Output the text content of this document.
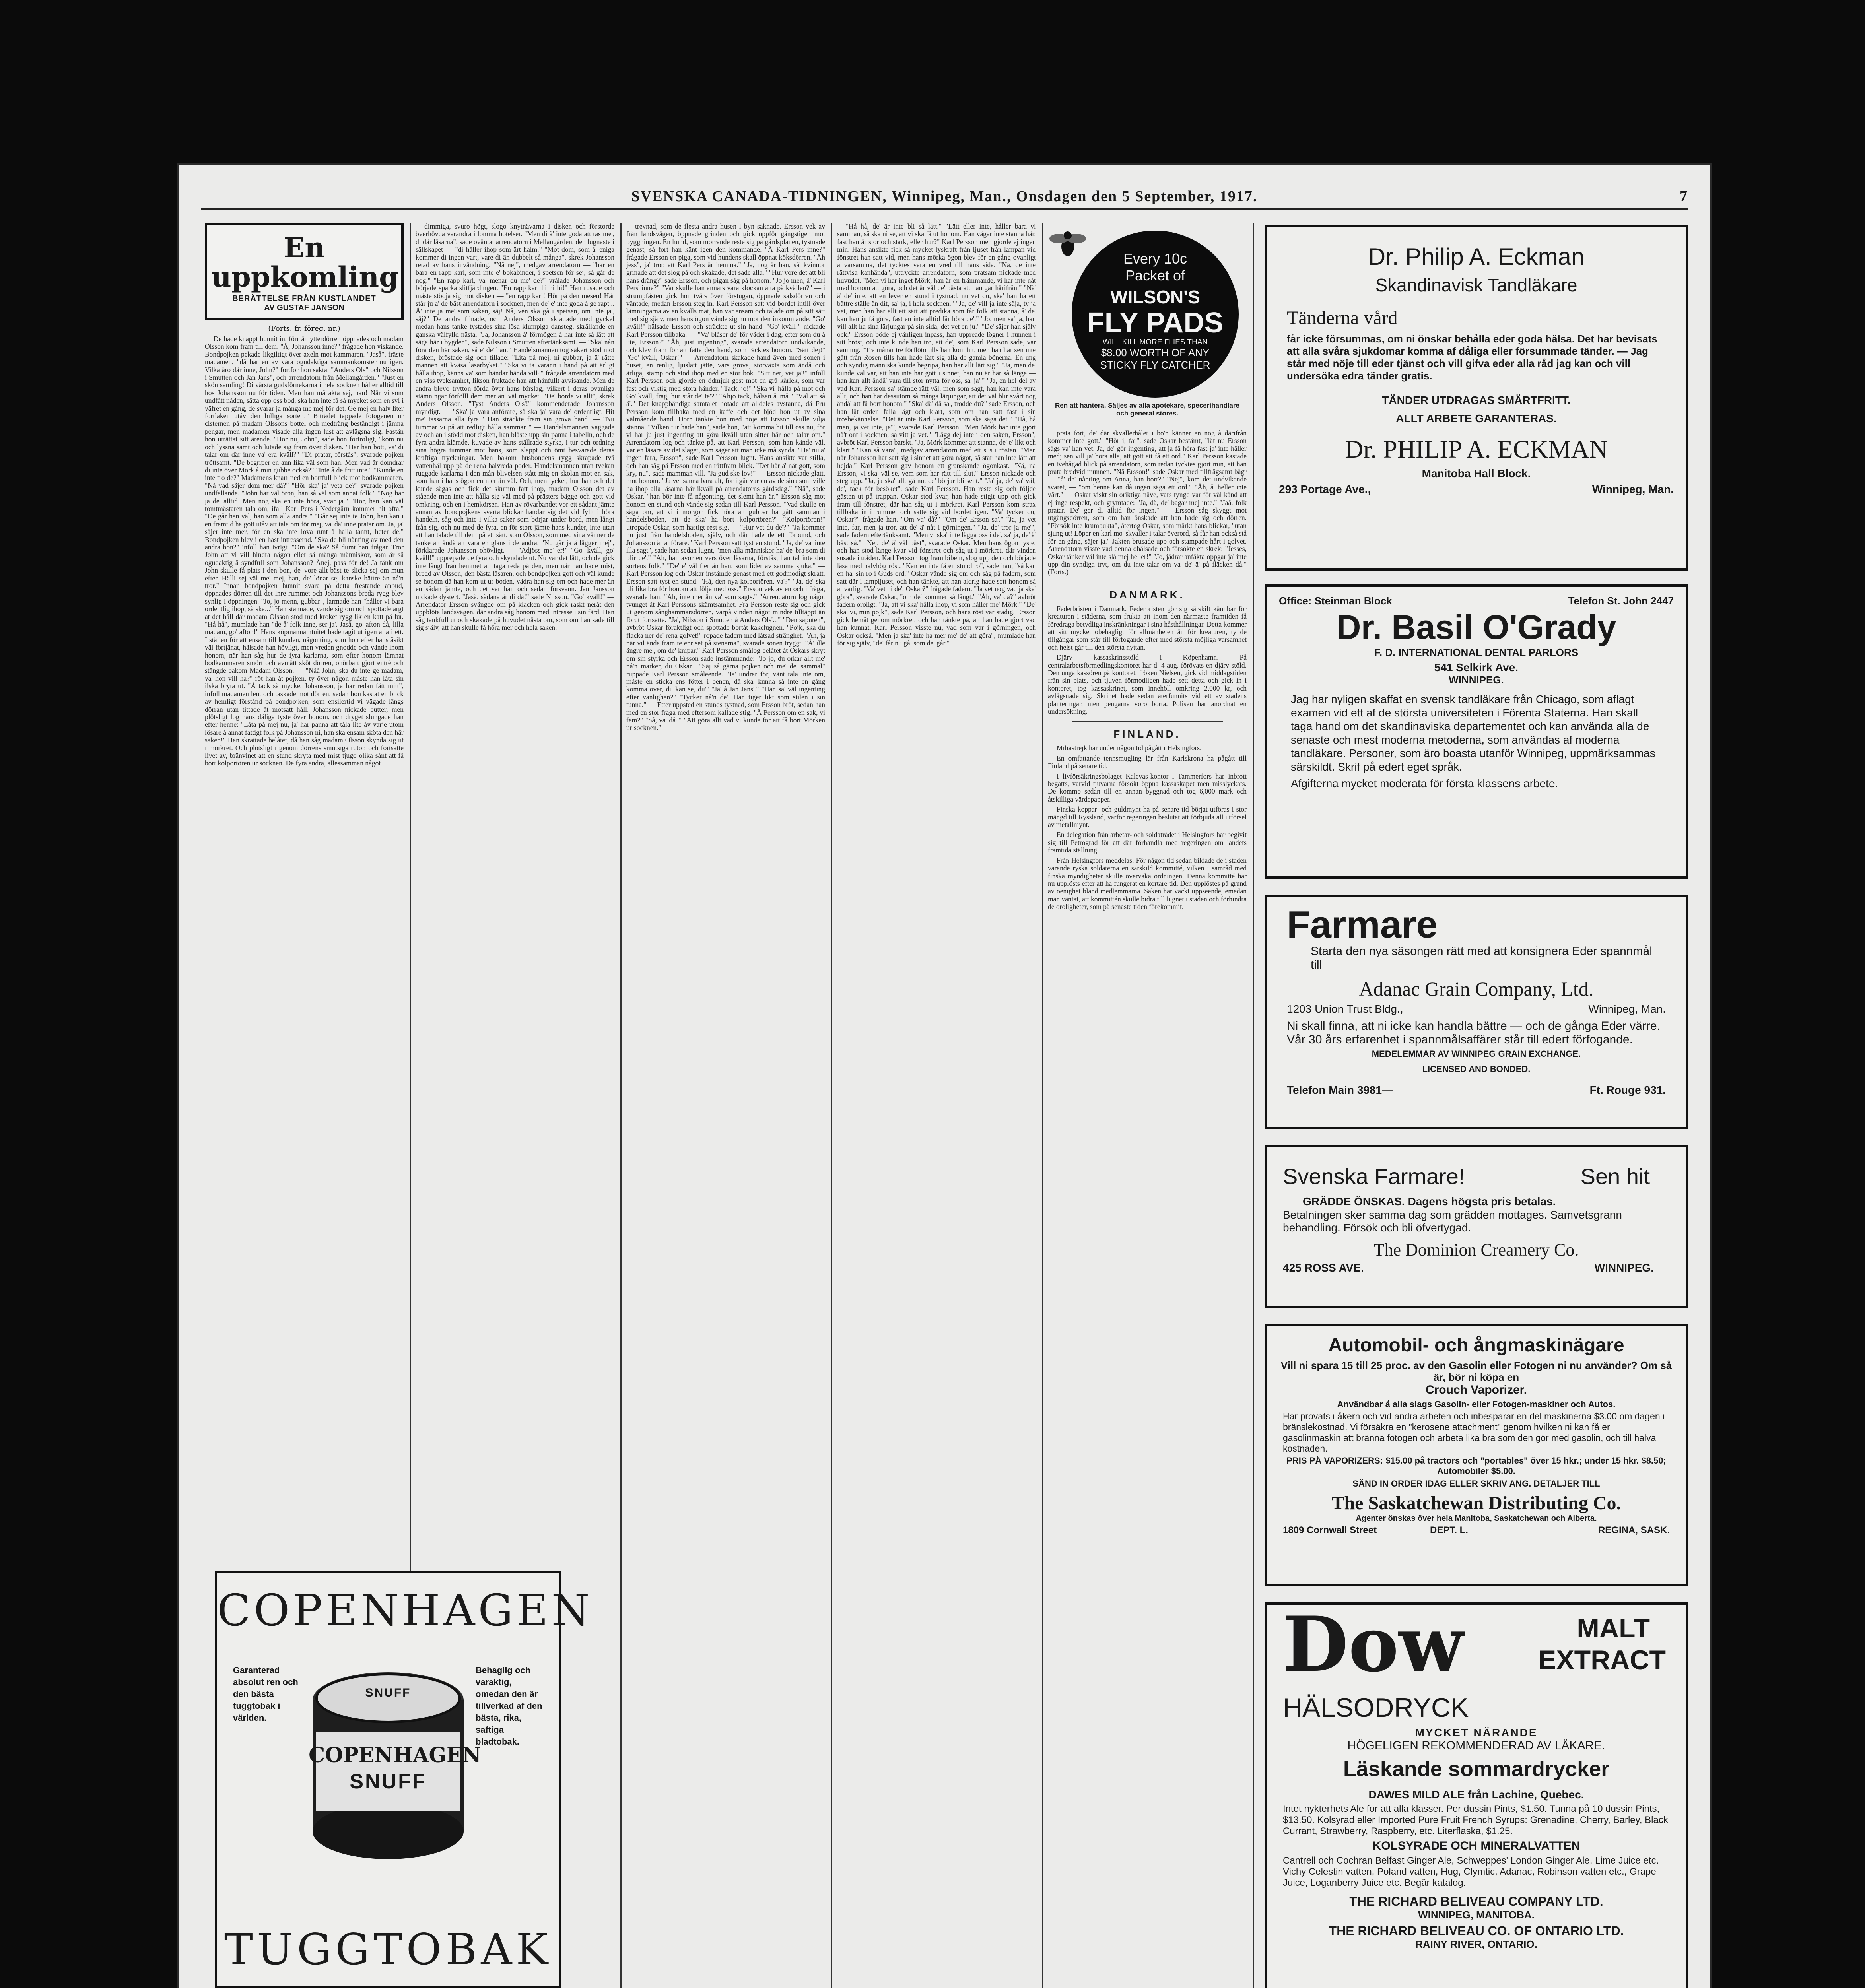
SVENSKA CANADA-TIDNINGEN, Winnipeg, Man., Onsdagen den 5 September, 1917.	7
En uppkomling
BERÄTTELSE FRÅN KUSTLANDET
AV GUSTAF JANSON
(Forts. fr. föreg. nr.)

De hade knappt hunnit in, förr än ytterdörren öppnades och madam Olsson kom fram till dem. "Å, Johansson inne?" frågade hon viskande. Bondpojken pekade likgiltigt över axeln mot kammaren. "Jaså", fräste madamen, "då har en av våra ogudaktiga sammankomster nu igen. Vilka äro där inne, John?" fortfor hon sakta. "Anders Ols" och Nilsson i Smutten och Jan Jans", och arrendatorn från Mellangården." "Just en skön samling! Di värsta gudsförnekarna i hela socknen håller alltid till hos Johansson nu för tiden. Men han må akta sej, han! När vi som undfått nåden, sätta opp oss bod, ska han inte få så mycket som en syl i väfret en gång, de svarar ja många me mej för det. Ge mej en halv liter fortlaken utåv den billiga sorten!" Biträdet tappade fotogenen ur cisternen på madam Olssons bottel och medträng beständigt i jämna pengar, men madamen visade alla ingen lust att avlägsna sig. Fastän hon uträttat sitt ärende. "Hör nu, John", sade hon förtroligt, "kom nu och lyssna samt och lutade sig fram över disken. "Har han bott, va' di talar om där inne va' era kväll?" "Di pratar, förstås", svarade pojken tröttsamt. "De begriper en ann lika väl som han. Men vad är domdrar di inte över Mörk å min gubbe också?" "Inte å de fritt inte." "Kunde en inte tro de?" Madamens knarr ned en bortfull blick mot bodkammaren. "Nå vad säjer dom mer då?" "Hör ska' ja' veta de?" svarade pojken undfallande. "John har väl öron, han så väl som annat folk." "Nog har ja de' alltid. Men nog ska en inte höra, svar ja." "Hör, han kan väl tomtmästaren tala om, ifall Karl Pers i Nedergårn kommer hit ofta." "De går han väl, han som alla andra." "Går sej inte te John, han kan i en framtid ha gott utåv att tala om för mej, va' dä' inne pratar om. Ja, ja' säjer inte mer, för en ska inte lova runt å halla tannt, heter de." Bondpojken blev i en hast intresserad. "Ska de bli nånting åv med den andra bon?" infoll han ivrigt. "Om de ska? Så dumt han frågar. Tror John att vi vill hindra någon eller så många människor, som är så ogudaktig å syndfull som Johansson? Ånej, pass för de! Ja tänk om John skulle få plats i den bon, de' vore allt bäst te slicka sej om mun efter. Hälli sej väl me' mej, han, de' lönar sej kanske bättre än nå'n tror." Innan bondpojken hunnit svara på detta frestande anbud, öppnades dörren till det inre rummet och Johanssons breda rygg blev synlig i öppningen. "Jo, jo menn, gubbar", larmade han "håller vi bara ordentlig ihop, så ska..." Han stannade, vände sig om och spottade argt åt det håll där madam Olsson stod med kroket rygg lik en katt på lur. "Hå hå", mumlade han "de å' folk inne, ser ja'. Jaså, go' afton då, lilla madam, go' afton!" Hans köpmannaintuitet hade tagit ut igen alla i ett. I ställen för att ensam till kunden, någonting, som hon efter hans åsikt väl förtjänat, hälsade han hövligt, men vreden gnodde och vände inom honom, när han såg hur de fyra karlarna, som efter honom lämnat bodkammaren smört och avmätt sköt dörren, ohörbart gjort entré och stängde bakom Madam Olsson. — "Nåå John, ska du inte ge madam, va' hon vill ha?" röt han åt pojken, ty över någon måste han låta sin ilska bryta ut. "Å tack så mycke, Johansson, ja har redan fått mitt", infoll madamen lent och taskade mot dörren, sedan hon kastat en blick av hemligt förstånd på bondpojken, som ensilertid vi vägade längs dörran utan tittade åt motsatt håll. Johansson nickade butter, men plötsligt log hans dåliga tyste över honom, och dryget slungade han efter henne: "Låta på mej nu, ja' har panna att tåla lite åv varje utom lösare å annat fattigt folk på Johansson ni, han ska ensam sköta den här saken!" Han skrattade belåtet, då han såg madam Olsson skynda sig ut i mörkret. Och plötsligt i genom dörrens smutsiga rutor, och fortsatte livet av, bränvinet att en stund skryta med mist tjugo olika sånt att få bort kolportören ur socknen. De fyra andra, allessamman något

dimmiga, svuro högt, slogo knytnävarna i disken och förstorde överhövda varandra i lomma hotelser. "Men di å' inte goda att tas me', di där läsarna", sade oväntat arrendatorn i Mellangården, den lugnaste i sällskapet — "di håller ihop som ärt halm." "Mot dom, som å' eniga kommer di ingen vart, vare di än dubbelt så många", skrek Johansson retad av hans invändning. "Nå nej", medgav arrendatorn — "har en bara en rapp karl, som inte e' bokabinder, i spetsen för sej, så går de nog." "En rapp karl, va' menar du me' de?" vrålade Johansson och började sparka slitfjärdingen. "En rapp karl hi hi hi!" Han rusade och mäste stödja sig mot disken — "en rapp karl! Hör på den mesen! Här står ju a' de bäst arrendatorn i socknen, men de' e' inte goda å ge rapt... Å' inte ja me' som saken, säj! Nå, ven ska gå i spetsen, om inte ja', säj?" De andra flinade, och Anders Olsson skrattade med gyckel medan hans tanke tystades sina lösa klumpiga dansteg, skrällande en ganska välfylld nästa. "Ja, Johansson å' förmögen å har inte så lätt att säga här i bygden", sade Nilsson i Smutten eftertänksamt. — "Ska' nån föra den här saken, så e' de' han." Handelsmannen tog säkert stöd mot disken, bröstade sig och tillade: "Lita på mej, ni gubbar, ja ä' rätte mannen att kväsa läsarbyket." "Ska vi ta varann i hand på att ärligt hålla ihop, känns va' som händar hända vill?" frågade arrendatorn med en viss tveksamhet, likson fruktade han att hänfullt avvisande. Men de andra blevo trytton förda över hans förslag, vilkert i deras ovanliga stämningar förfölll dem mer än' väl mycket. "De' borde vi allt", skrek Anders Olsson. "Tyst Anders Ols'!" kommenderade Johansson myndigt. — "Ska' ja vara anförare, så ska ja' vara de' ordentligt. Hit me' tassarna alla fyra!" Han sträckte fram sin grova hand. — "Nu tummar vi på att redligt hålla samman." — Handelsmannen vaggade av och an i stödd mot disken, han bläste upp sin panna i tabelln, och de fyra andra klämde, kuvade av hans ställrade styrke, i tur och ordning sina högra tummar mot hans, som slappt och ömt besvarade deras kraftiga tryckningar. Men bakom husbondens rygg skrapade två vattenhål upp på de rena halvreda poder. Handelsmannen utan tvekan ruggade karlarna i den mån blivelsen stått mig en skolan mot en sak, som han i hans ögon en mer än väl. Och, men tycket, hur han och det kunde sägas och fick det skumm fått ihop, madam Olsson det av stående men inte att hålla sig väl med på prästers bägge och gott vid omkring, och en i hemkörsen. Han av rövarbandet vor ett sådant jämte annan av bondpojkens svarta blickar handar sig det vid fyllt i höra handeln, såg och inte i vilka saker som börjar under bord, men långt från sig, och nu med de fyra, en för stort jämte hans kunder, inte utan att han talade till dem på ett sätt, som Olsson, som med sina vänner de tanke att ändå att vara en glans i de andra. "Nu går ja å lägger mej", förklarade Johansson ohövligt. — "Adjöss me' er!" "Go' kväll, go' kväll!" upprepade de fyra och skyndade ut. Nu var det lätt, och de gick inte långt från hemmet att taga reda på den, men när han hade mist, bredd av Olsson, den bästa läsaren, och bondpojken gott och väl kunde se honom då han kom ut ur boden, vädra han sig om och hade mer än en sådan jämte, och det var han och sedan försvann. Jan Jansson nickade dystert. "Jaså, sådana är di då!" sade Nilsson. "Go' kväll!" — Arrendator Ersson svängde om på klacken och gick raskt neråt den uppblöta landsvägen, där andra såg honom med intresse i sin färd. Han såg tankfull ut och skakade på huvudet nästa om, som om han sade till sig själv, att han skulle få höra mer och hela saken.

COPENHAGEN
Garanterad absolut ren och den bästa tuggtobak i världen.
Behaglig och varaktig, omedan den är tillverkad af den bästa, rika, saftiga bladtobak.
SNUFF
COPENHAGEN
SNUFF
TUGGTOBAK

trevnad, som de flesta andra husen i byn saknade. Ersson vek av från landsvägen, öppnade grinden och gick uppför gångstigen mot byggningen. En hund, som morrande reste sig på gårdsplanen, tystnade genast, så fort han känt igen den kommande. "Å Karl Pers inne?" frågade Ersson en piga, som vid hundens skall öppnat köksdörren. "Åh jess", ja' tror, att Karl Pers är hemma." "Ja, nog är han, så' kvinnor grinade att det slog på och skakade, det sade alla." "Hur vore det att bli hans dräng?" sade Ersson, och pigan såg på honom. "Jo jo men, å' Karl Pers' inne?" "Var skulle han annars vara klockan åtta på kvällen?" — i strumpfästen gick hon tvärs över förstugan, öppnade salsdörren och väntade, medan Ersson steg in. Karl Persson satt vid bordet intill över lämningarna av en kvälls mat, han var ensam och talade om på sitt sätt med sig själv, men hans ögon vände sig nu mot den inkommande. "Go' kväll!" hälsade Ersson och sträckte ut sin hand. "Go' kväll!" nickade Karl Persson tillbaka. — "Va' blåser de' för väder i dag, efter som du å ute, Ersson?" "Åh, just ingenting", svarade arrendatorn undvikande, och klev fram för att fatta den hand, som räcktes honom. "Sätt dej!" "Go' kväll, Oskar!" — Arrendatorn skakade hand även med sonen i huset, en renlig, ljuslätt jätte, vars grova, storväxta som ändå och ärliga, stamp och stod ihop med en stor bok. "Sitt ner, vet ja'!" infoll Karl Persson och gjorde en ödmjuk gest mot en grå kärlek, som var fast och viktig med stora händer. "Tack, jo!" "Ska vi' hålla på mot och Go' kväll, frag, hur står de' te'?" "Ahjo tack, hålsan å' må." "Väl att så å'." Det knappbändiga samtalet hotade att alldeles avstanna, då Fru Persson kom tillbaka med en kaffe och det bjöd hon ut av sina välmående hand. Dorn tänkte hon med nöje att Ersson skulle vilja stanna. "Vilken tur hade han", sade hon, "att komma hit till oss nu, för vi har ju just ingenting att göra ikväll utan sitter här och talar om." Arrendatorn log och tänkte på, att Karl Persson, som han kände väl, var en läsare av det slaget, som säger att man icke må synda. "Ha' nu a' ingen fara, Ersson", sade Karl Persson lugnt. Hans ansikte var stilla, och han såg på Ersson med en rättfram blick. "Det här å' nåt gott, som kry, nu", sade mamman vill. "Ja gud ske lov!" — Ersson nickade glatt, mot honom. "Ja vet sanna bara alt, för i går var en av de sina som ville ha ihop alla läsarna här ikväll på arrendatorns gårdsdag." "Nå", sade Oskar, "han bör inte få någonting, det slemt han är." Ersson såg mot honom en stund och vände sig sedan till Karl Persson. "Vad skulle en säga om, att vi i morgon fick höra att gubbar ha gått samman i handelsboden, att de ska' ha bort kolportören?" "Kolportören!" utropade Oskar, som hastigt rest sig. — "Hur vet du de'?" "Ja kommer nu just från handelsboden, själv, och där hade de ett förbund, och Johansson är anförare." Karl Persson satt tyst en stund. "Ja, de' va' inte illa sagt", sade han sedan lugnt, "men alla människor ha' de' bra som di blir de'." "Ah, han avor en vers över läsarna, förstås, han tål inte den sortens folk." "De' e' väl fler än han, som lider av samma sjuka." — Karl Persson log och Oskar instämde genast med ett godmodigt skratt. Ersson satt tyst en stund. "Hå, den nya kolportören, va'?" "Ja, de' ska bli lika bra för honom att följa med oss." Ersson vek av en och i fråga, svarade han: "Ah, inte mer än va' som sagts." "Arrendatorn log något tvunget åt Karl Perssons skämtsamhet. Fra Persson reste sig och gick ut genom sånghammarsdörren, varpå vinden något mindre tilltäppt än förut fortsatte. "Ja', Nilsson i Smutten å Anders Ols'..." "Den saputen", avbröt Oskar föraktligt och spottade bortåt kakelugnen. "Pojk, ska du flacka ner de' rena golvet!" ropade fadern med låtsad stränghet. "Ah, ja när vil ända fram te enriset på stenarna", svarade sonen tryggt. "Å' ille ängre me', om de' knipar." Karl Persson smålog belåtet åt Oskars skryt om sin styrka och Ersson sade instämmande: "Jo jo, du orkar allt me' nå'n marker, du Oskar." "Säj så gärna pojken och me' de' sammal" ruppade Karl Persson småleende. "Ja' undrar för, vänt tala inte om, måste en sticka ens fötter i benen, då ska' kunna så inte en gång komma över, du kan se, du'" "Ja' å Jan Jans'." "Han sa' väl ingenting efter vanlighen?" "Tycker nå'n de'. Han tiger likt som stilen i sin tunna." — Etter uppsted en stunds tystnad, som Ersson bröt, sedan han med en stor fråga med eftersom kallade stig. "Å Persson om en sak, vi fem?" "Så, va' då?" "Att göra allt vad vi kunde för att få bort Mörken ur socknen."

"Hå hå, de' är inte bli så lätt." "Lätt eller inte, håller bara vi samman, så ska ni se, att vi ska få ut honom. Han vågar inte stanna här, fast han är stor och stark, eller hur?" Karl Persson men gjorde ej ingen min. Hans ansikte fick så mycket lyskraft från ljuset från lampan vid fönstret han satt vid, men hans mörka ögon blev för en gång ovanligt allvarsamma, det tycktes vara en vred till hans sida. "Nå, de inte rättvisa kanhända", uttryckte arrendatorn, som pratsam nickade med huvudet. "Men vi har inget Mörk, han är en främmande, vi har inte nåt med honom att göra, och det är väl de' bästa att han går härifrån." "Nå' ä' de' inte, att en lever en stund i tystnad, nu vet du, ska' han ha ett bättre ställe än dit, sa' ja, i hela socknen." "Ja, de' vill ja inte säja, ty ja vet, men han har allt ett sätt att predika som får folk att stanna, å' de' kan han ju få göra, fast en inte alltid får höra de'." "Jo, men sa' ja, han vill allt ha sina lärjungar på sin sida, det vet en ju." "De' säjer han själv ock." Ersson böde ej vänligen inpass, han uppreade lögner i hunnen i sitt bröst, och inte kunde han tro, att de', som Karl Persson sade, var sanning. "Tre månar tre förflöto tills han kom hit, men han har sen inte gått från Rosen tills han hade lärt sig alla de gamla bönerna. En ung och syndig människa kunde begripa, han har allt lärt sig." "Ja, men de' kunde väl var, att han inte har gott i sinnet, han nu är här så länge — han kan allt ändå' vara till stor nytta för oss, sa' ja'." "Ja, en hel del av vad Karl Persson sa' stämde rätt väl, men som sagt, han kan inte vara allt, och han har dessutom så många lärjungar, att det väl blir svårt nog ändå' att få bort honom." "Ska' dä' dä sa', trodde du?" sade Ersson, och han lät orden falla lågt och klart, som om han satt fast i sin trosbekännelse. "Det är inte Karl Persson, som ska säga det." "Hå, hå men, ja vet inte, ja'", svarade Karl Persson. "Men Mörk har inte gjort nå't ont i socknen, så vitt ja vet." "Lägg dej inte i den saken, Ersson", avbröt Karl Persson barskt. "Ja, Mörk kommer att stanna, de' e' likt och klart." "Kan så vara", medgav arrendatorn med ett sus i rösten. "Men när Johansson har satt sig i sinnet att göra något, så står han inte lätt att hejda." Karl Persson gav honom ett granskande ögonkast. "Nå, nå Ersson, vi ska' väl se, vem som har rätt till slut." Ersson nickade och steg upp. "Ja, ja ska' allt gå nu, de' börjar bli sent." "Ja' ja, de' va' väl, de', tack för besöket", sade Karl Persson. Han reste sig och följde gästen ut på trappan. Oskar stod kvar, han hade stigit upp och gick fram till fönstret, där han såg ut i mörkret. Karl Persson kom strax tillbaka in i rummet och satte sig vid bordet igen. "Va' tycker du, Oskar?" frågade han. "Om va' då?" "Om de' Ersson sa'." "Ja, ja vet inte, far, men ja tror, att de' ä' nåt i görningen." "Ja, de' tror ja me'", sade fadern eftertänksamt. "Men vi ska' inte lägga oss i de', sa' ja, de' ä' bäst så." "Nej, de' ä' väl bäst", svarade Oskar. Men hans ögon lyste, och han stod länge kvar vid fönstret och såg ut i mörkret, där vinden susade i träden. Karl Persson tog fram bibeln, slog upp den och började läsa med halvhög röst. "Kan en inte få en stund ro", sade han, "så kan en ha' sin ro i Guds ord." Oskar vände sig om och såg på fadern, som satt där i lampljuset, och han tänkte, att han aldrig hade sett honom så allvarlig. "Va' vet ni de', Oskar?" frågade fadern. "Ja vet nog vad ja ska' göra", svarade Oskar, "om de' kommer så långt." "Åh, va' då?" avbröt fadern oroligt. "Ja, att vi ska' hålla ihop, vi som håller me' Mörk." "De' ska' vi, min pojk", sade Karl Persson, och hans röst var stadig. Ersson gick hemåt genom mörkret, och han tänkte på, att han hade gjort vad han kunnat. Karl Persson visste nu, vad som var i görningen, och Oskar också. "Men ja ska' inte ha mer me' de' att göra", mumlade han för sig själv, "de' får nu gå, som de' går."

Every 10c
Packet of
WILSON'S
FLY PADS
WILL KILL MORE FLIES THAN
$8.00 WORTH OF ANY
STICKY FLY CATCHER
Ren att hantera. Säljes av alla apotekare, specerihandlare och general stores.

prata fort, de' där skvallerhålet i bo'n känner en nog å därifrån kommer inte gott." "Hör i, far", sade Oskar beståmt, "lät nu Ersson sägs va' han vet. Ja, de' gör ingenting, att ja få höra fast ja' inte håller med; sen vill ja' höra alla, att gott att få ett ord." Karl Persson kastade en tvehågad blick på arrendatorn, som redan tycktes gjort min, att han prata bredvid munnen. "Nå Ersson!" sade Oskar med tillfrågsamt bägr — "å' de' nånting om Anna, han bort?" "Nej", kom det undvikande svaret, — "om henne kan då ingen säga ett ord." "Åh, å' heller inte vårt." — Oskar viskt sin oriktiga näve, vars tyngd var för väl känd att ej inge respekt, och grymtade: "Ja, då, de' bagar mej inte." "Jaå, folk pratar. De' ger di alltid för ingen." — Ersson såg skyggt mot utgångsdörren, som om han önskade att han hade sig och dörren. "Försök inte krumbukta", återtog Oskar, som märkt hans blickar, "utan sjung ut! Löper en karl mo' skvaller i talar överord, så får han också stå för en gång, säjer ja." Jakten brusade upp och stampade hårt i golvet. Arrendatorn visste vad denna ohälsade och försökte en skrek: "Jesses, Oskar tänker väl inte slå mej heller!" "Jo, jädrar anfäkta oppgar ja' inte upp din syndiga tryt, om du inte talar om va' de' ä' på fläcken då." (Forts.)

DANMARK.

Federbristen i Danmark. Federbristen gör sig särskilt kännbar för kreaturen i städerna, som frukta att inom den närmaste framtiden få föredraga betydliga inskränkningar i sina håsthållningar. Detta kommer att sitt mycket obehagligt för allmänheten än för kreaturen, ty de tillgångar som står till förfogande efter med största möjliga varsamhet och helst går till den största nyttan.

Djärv kassaskrinsstöld i Köpenhamn. På centralarbetsförmedlingskontoret har d. 4 aug. förövats en djärv stöld. Den unga kassören på kontoret, fröken Nielsen, gick vid middagstiden från sin plats, och tjuven förmodligen hade sett detta och gick in i kontoret, tog kassaskrinet, som innehöll omkring 2,000 kr, och avlägsnade sig. Skrinet hade sedan återfunnits vid ett av stadens planteringar, men pengarna voro borta. Polisen har anordnat en undersökning.

FINLAND.

Miliastrejk har under någon tid pågått i Helsingfors.

En omfattande tennsmugling lär från Karlskrona ha pågått till Finland på senare tid.

I livförsäkringsbolaget Kalevas-kontor i Tammerfors har inbrott begåtts, varvid tjuvarna försökt öppna kassaskåpet men misslyckats. De kommo sedan till en annan byggnad och tog 6,000 mark och åtskilliga värdepapper.

Finska koppar- och guldmynt ha på senare tid börjat utföras i stor mängd till Ryssland, varför regeringen beslutat att förbjuda all utförsel av metallmynt.

En delegation från arbetar- och soldatrådet i Helsingfors har begivit sig till Petrograd för att där förhandla med regeringen om landets framtida ställning.

Från Helsingfors meddelas: För någon tid sedan bildade de i staden varande ryska soldaterna en särskild kommitté, vilken i samråd med finska myndigheter skulle övervaka ordningen. Denna kommitté har nu upplösts efter att ha fungerat en kortare tid. Den upplöstes på grund av oenighet bland medlemmarna. Saken har väckt uppseende, emedan man väntat, att kommittén skulle bidra till lugnet i staden och förhindra de oroligheter, som på senaste tiden förekommit.

Dr. Philip A. Eckman
Skandinavisk Tandläkare
Tänderna vård

får icke försummas, om ni önskar behålla eder goda hälsa. Det har bevisats att alla svåra sjukdomar komma af dåliga eller försummade tänder. — Jag står med nöje till eder tjänst och vill gifva eder alla råd jag kan och vill undersöka edra tänder gratis.

TÄNDER UTDRAGAS SMÄRTFRITT.
ALLT ARBETE GARANTERAS.
Dr. PHILIP A. ECKMAN
Manitoba Hall Block.
293 Portage Ave.,	Winnipeg, Man.
Office: Steinman Block	Telefon St. John 2447
Dr. Basil O'Grady
F. D. INTERNATIONAL DENTAL PARLORS
541 Selkirk Ave.
WINNIPEG.

Jag har nyligen skaffat en svensk tandläkare från Chicago, som aflagt examen vid ett af de största universiteten i Förenta Staterna. Han skall taga hand om det skandinaviska departementet och kan använda alla de senaste och mest moderna metoderna, som användas af moderna tandläkare. Personer, som äro boasta utanför Winnipeg, uppmärksammas särskildt. Skrif på edert eget språk.

Afgifterna mycket moderata för första klassens arbete.

Farmare

Starta den nya säsongen rätt med att konsignera Eder spannmål till

Adanac Grain Company, Ltd.
1203 Union Trust Bldg.,	Winnipeg, Man.

Ni skall finna, att ni icke kan handla bättre — och de gånga Eder värre. Vår 30 års erfarenhet i spannmålsaffärer står till edert förfogande.

MEDELEMMAR AV WINNIPEG GRAIN EXCHANGE.
LICENSED AND BONDED.
Telefon Main 3981—	Ft. Rouge 931.
Svenska Farmare!	Sen hit
GRÄDDE ÖNSKAS. Dagens högsta pris betalas.

Betalningen sker samma dag som grädden mottages. Samvetsgrann behandling. Försök och bli öfvertygad.

The Dominion Creamery Co.
425 ROSS AVE.	WINNIPEG.
Automobil- och ångmaskinägare

Vill ni spara 15 till 25 proc. av den Gasolin eller Fotogen ni nu använder? Om så är, bör ni köpa en

Crouch Vaporizer.
Användbar å alla slags Gasolin- eller Fotogen-maskiner och Autos.

Har provats i åkern och vid andra arbeten och inbesparar en del maskinerna $3.00 om dagen i bränslekostnad. Vi försäkra en "kerosene attachment" genom hvilken ni kan få er gasolinmaskin att bränna fotogen och arbeta lika bra som den gör med gasolin, och till halva kostnaden.

PRIS PÅ VAPORIZERS: $15.00 på tractors och "portables" över 15 hkr.; under 15 hkr. $8.50; Automobiler $5.00.

SÄND IN ORDER IDAG ELLER SKRIV ANG. DETALJER TILL
The Saskatchewan Distributing Co.
Agenter önskas över hela Manitoba, Saskatchewan och Alberta.
1809 Cornwall Street	DEPT. L.	REGINA, SASK.
Dow	MALT
EXTRACT
HÄLSODRYCK
MYCKET NÄRANDE
HÖGELIGEN REKOMMENDERAD AV LÄKARE.
Läskande sommardrycker
DAWES MILD ALE från Lachine, Quebec.

Intet nykterhets Ale for att alla klasser. Per dussin Pints, $1.50. Tunna på 10 dussin Pints, $13.50. Kolsyrad eller Imported Pure Fruit French Syrups: Grenadine, Cherry, Barley, Black Currant, Strawberry, Raspberry, etc. Literflaska, $1.25.

KOLSYRADE OCH MINERALVATTEN

Cantrell och Cochran Belfast Ginger Ale, Schweppes' London Ginger Ale, Lime Juice etc. Vichy Celestin vatten, Poland vatten, Hug, Clymtic, Adanac, Robinson vatten etc., Grape Juice, Loganberry Juice etc. Begär katalog.

THE RICHARD BELIVEAU COMPANY LTD.
WINNIPEG, MANITOBA.
THE RICHARD BELIVEAU CO. OF ONTARIO LTD.
RAINY RIVER, ONTARIO.
